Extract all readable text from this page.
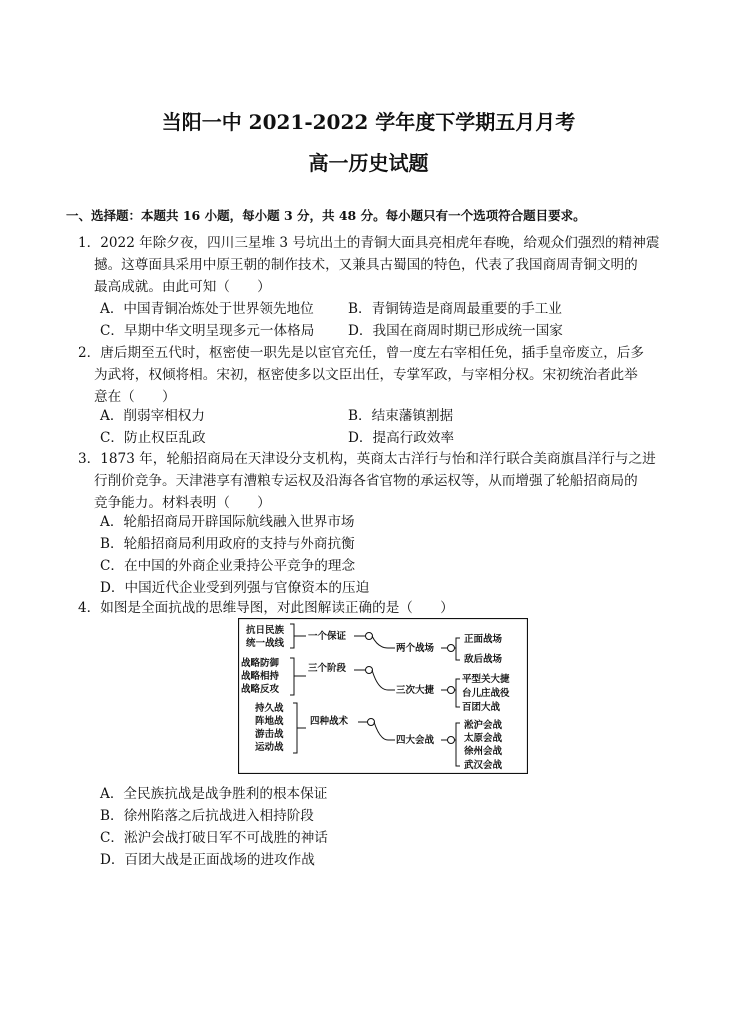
当阳一中 2021-2022 学年度下学期五月月考
高一历史试题
一、选择题：本题共 16 小题，每小题 3 分，共 48 分。每小题只有一个选项符合题目要求。
1．2022 年除夕夜，四川三星堆 3 号坑出土的青铜大面具亮相虎年春晚，给观众们强烈的精神震
撼。这尊面具采用中原王朝的制作技术，又兼具古蜀国的特色，代表了我国商周青铜文明的
最高成就。由此可知（　　）
A．中国青铜冶炼处于世界领先地位	B．青铜铸造是商周最重要的手工业
C．早期中华文明呈现多元一体格局 D．我国在商周时期已形成统一国家
2．唐后期至五代时，枢密使一职先是以宦官充任，曾一度左右宰相任免，插手皇帝废立，后多
为武将，权倾将相。宋初，枢密使多以文臣出任，专掌军政，与宰相分权。宋初统治者此举
意在（　　）
A．削弱宰相权力	B．结束藩镇割据
C．防止权臣乱政	D．提高行政效率
3．1873 年，轮船招商局在天津设分支机构，英商太古洋行与怡和洋行联合美商旗昌洋行与之进
行削价竞争。天津港享有漕粮专运权及沿海各省官物的承运权等，从而增强了轮船招商局的
竞争能力。材料表明（　　）
A．轮船招商局开辟国际航线融入世界市场
B．轮船招商局利用政府的支持与外商抗衡
C．在中国的外商企业秉持公平竞争的理念
D．中国近代企业受到列强与官僚资本的压迫
4．如图是全面抗战的思维导图，对此图解读正确的是（　　）
抗日民族
统一战线
战略防御
战略相持
战略反攻
持久战
阵地战
游击战
运动战
一个保证
三个阶段
四种战术
两个战场
三次大捷
四大会战
正面战场
敌后战场
平型关大捷
台儿庄战役
百团大战
淞沪会战
太原会战
徐州会战
武汉会战
A．全民族抗战是战争胜利的根本保证
B．徐州陷落之后抗战进入相持阶段
C．淞沪会战打破日军不可战胜的神话
D．百团大战是正面战场的进攻作战
